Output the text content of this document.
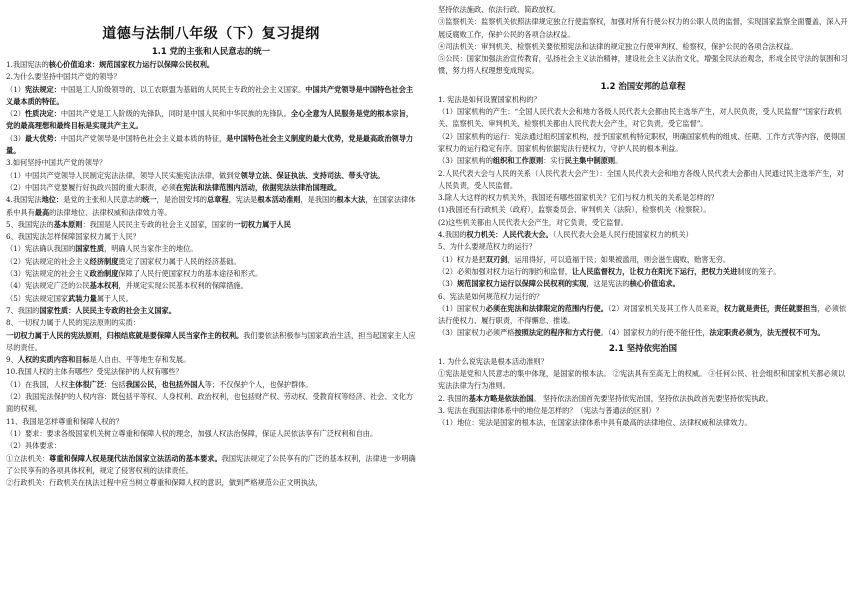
道德与法制八年级（下）复习提纲
1.1 党的主张和人民意志的统一
1.我国宪法的核心价值追求：规范国家权力运行以保障公民权利。
2.为什么要坚持中国共产党的领导？
（1）宪法规定：中国是工人阶级领导的、以工农联盟为基础的人民民主专政的社会主义国家。中国共产党领导是中国特色社会主义最本质的特征。
（2）性质决定：中国共产党是工人阶级的先锋队，同时是中国人民和中华民族的先锋队。全心全意为人民服务是党的根本宗旨，党的最高理想和最终目标是实现共产主义。
（3）最大优势：中国共产党领导是中国特色社会主义最本质的特征，是中国特色社会主义制度的最大优势，党是最高政治领导力量。
3.如何坚持中国共产党的领导？
（1）中国共产党领导人民制定宪法法律，领导人民实施宪法法律，做到党领导立法、保证执法、支持司法、带头守法。
（2）中国共产党要履行好执政兴国的重大职责，必须在宪法和法律范围内活动，依据宪法法律治国理政。
4.我国宪法地位：是党的主张和人民意志的统一，是治国安邦的总章程，宪法是根本活动准则，是我国的根本大法，在国家法律体系中具有最高的法律地位、法律权威和法律效力等。
5、我国宪法的基本原则：我国是人民民主专政的社会主义国家，国家的一切权力属于人民
6、我国宪法怎样保障国家权力属于人民？
（1）宪法确认我国的国家性质，明确人民当家作主的地位。
（2）宪法规定的社会主义经济制度奠定了国家权力属于人民的经济基础。
（3）宪法规定的社会主义政治制度保障了人民行使国家权力的基本途径和形式。
（4）宪法规定广泛的公民基本权利，并规定实现公民基本权利的保障措施。
（5）宪法规定国家武装力量属于人民。
7、我国的国家性质：人民民主专政的社会主义国家。
8、一切权力属于人民的宪法原则的实质：
一切权力属于人民的宪法原则，归根结底就是要保障人民当家作主的权利。我们要依法积极参与国家政治生活，担当起国家主人应尽的责任。
9、人权的实质内容和目标是人自由、平等地生存和发展。
10.我国人权的主体有哪些？受宪法保护的人权有哪些？
（1）在我国，人权主体很广泛：包括我国公民，也包括外国人等；不仅保护个人，也保护群体。
（2）我国宪法保护的人权内容：既包括平等权、人身权利、政治权利，也包括财产权、劳动权、受教育权等经济、社会、文化方面的权利。
11、我国是怎样尊重和保障人权的？
（1）要求：要求各级国家机关树立尊重和保障人权的理念，加强人权法治保障，保证人民依法享有广泛权利和自由。
（2）具体要求：
①立法机关：尊重和保障人权是现代法治国家立法活动的基本要求。我国宪法规定了公民享有的广泛的基本权利，法律进一步明确了公民享有的各项具体权利，规定了侵害权利的法律责任。
②行政机关：行政机关在执法过程中应当树立尊重和保障人权的意识，做到严格规范公正文明执法，
坚持依法施政、依法行政、简政放权。
③监察机关：监察机关依照法律规定独立行使监察权，加强对所有行使公权力的公职人员的监督，实现国家监察全面覆盖，深入开展反腐败工作，保护公民的各项合法权益。
④司法机关：审判机关、检察机关要依照宪法和法律的规定独立行使审判权、检察权，保护公民的各项合法权益。
⑤公民：国家加强法治宣传教育，弘扬社会主义法治精神，建设社会主义法治文化，增强全民法治观念，形成全民守法的氛围和习惯，努力将人权理想变成现实。
1.2 治国安邦的总章程
1. 宪法是如何设置国家机构的？
（1）国家机构的产生：“全国人民代表大会和地方各级人民代表大会都由民主选举产生，对人民负责，受人民监督”“国家行政机关、监察机关、审判机关、检察机关都由人民代表大会产生，对它负责，受它监督”。
（2）国家机构的运行：宪法通过组织国家机构，授予国家机构特定职权，明确国家机构的组成、任期、工作方式等内容，使得国家权力的运行稳定有序。国家机构依据宪法行使权力，守护人民的根本利益。
（3）国家机构的组织和工作原则：实行民主集中制原则。
2.人民代表大会与人民的关系（人民代表大会产生）：全国人民代表大会和地方各级人民代表大会都由人民通过民主选举产生，对人民负责，受人民监督。
3.除人大这样的权力机关外，我国还有哪些国家机关？它们与权力机关的关系是怎样的？
(1)我国还有行政机关（政府），监察委员会、审判机关（法院），检察机关（检察院）。
(2)这些机关都由人民代表大会产生，对它负责，受它监督。
4.我国的权力机关：人民代表大会。（人民代表大会是人民行使国家权力的机关）
5、为什么要规范权力的运行？
（1）权力是把双刃剑，运用得好，可以造福于民；如果被滥用，则会滋生腐败，贻害无穷。
（2）必须加强对权力运行的制约和监督，让人民监督权力，让权力在阳光下运行，把权力关进制度的笼子。
（3）规范国家权力运行以保障公民权利的实现，这是宪法的核心价值追求。
6、宪法是如何规范权力运行的？
（1）国家权力必须在宪法和法律限定的范围内行使。（2）对国家机关及其工作人员来说，权力就是责任，责任就要担当，必须依法行使权力、履行职责，不得懈怠、推诿。
（3）国家权力必须严格按照法定的程序和方式行使。（4）国家权力的行使不能任性，法定职责必须为，法无授权不可为。
2.1 坚持依宪治国
1. 为什么说宪法是根本活动准则？
①宪法是党和人民意志的集中体现，是国家的根本法。 ②宪法具有至高无上的权威。 ③任何公民、社会组织和国家机关都必须以宪法法律为行为准则。
2. 我国的基本方略是依法治国。 坚持依法治国首先要坚持依宪治国，坚持依法执政首先要坚持依宪执政。
3. 宪法在我国法律体系中的地位是怎样的？（宪法与普通法的区别）？
（1）地位：宪法是国家的根本法，在国家法律体系中具有最高的法律地位、法律权威和法律效力。
